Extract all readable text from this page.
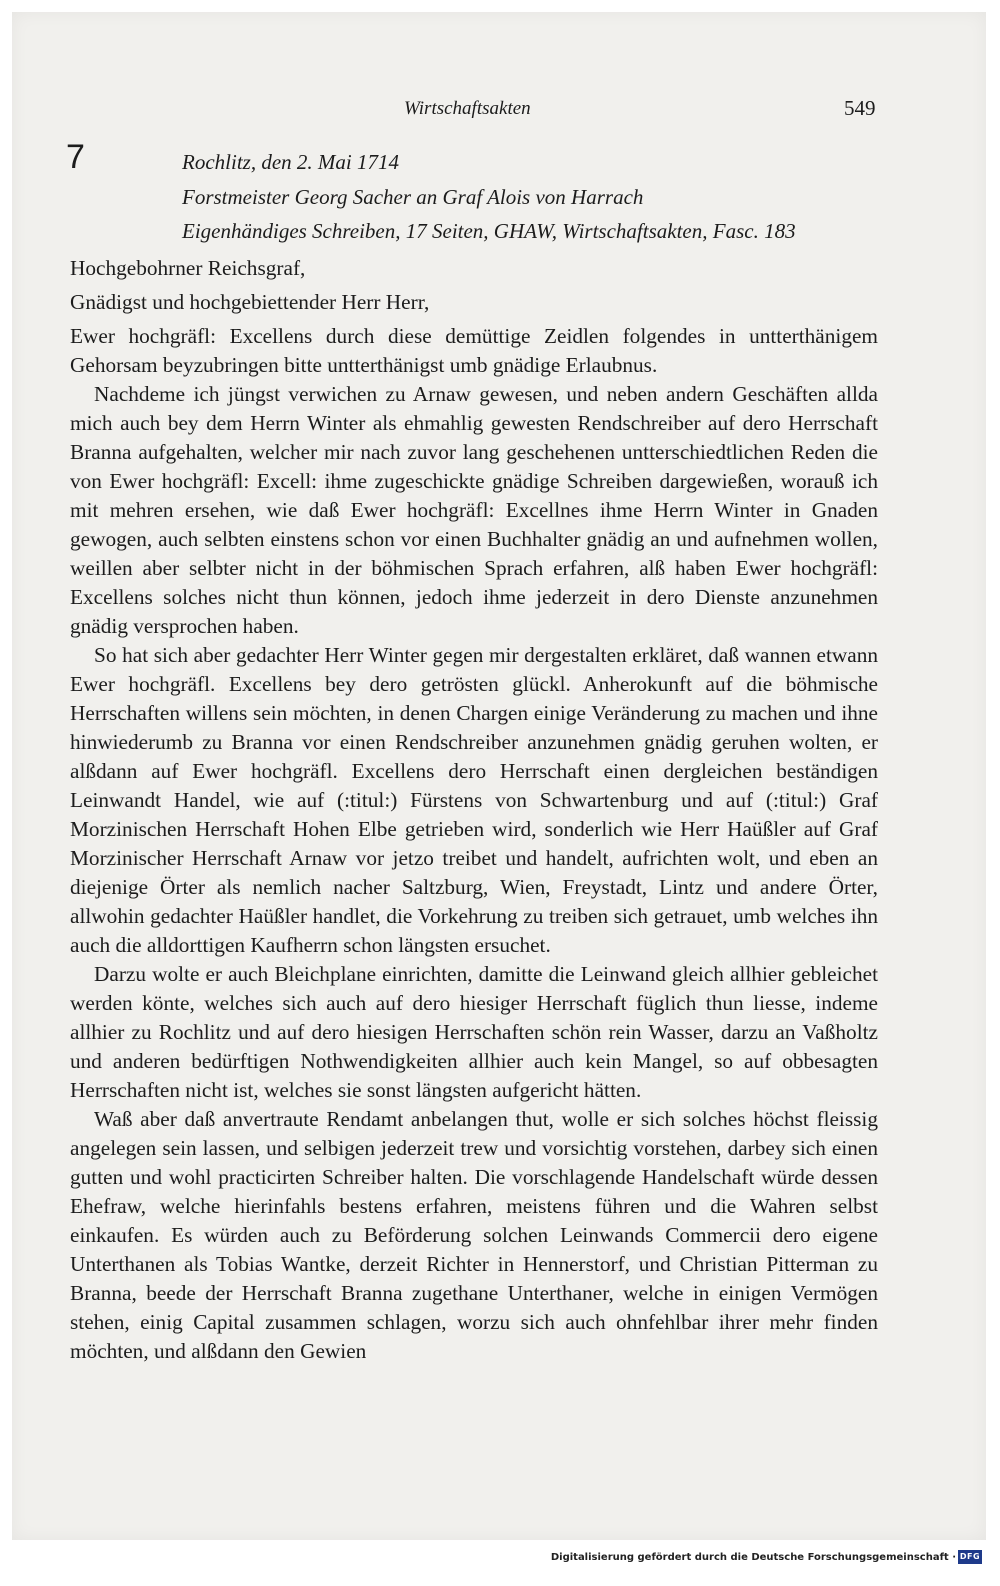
Wirtschaftsakten	549
7	Rochlitz, den 2. Mai 1714
Forstmeister Georg Sacher an Graf Alois von Harrach
Eigenhändiges Schreiben, 17 Seiten, GHAW, Wirtschaftsakten, Fasc. 183

Hochgebohrner Reichsgraf,

Gnädigst und hochgebiettender Herr Herr,

Ewer hochgräfl: Excellens durch diese demüttige Zeidlen folgendes in untterthänigem Gehorsam beyzubringen bitte untterthänigst umb gnädige Erlaubnus.

Nachdeme ich jüngst verwichen zu Arnaw gewesen, und neben andern Geschäften allda mich auch bey dem Herrn Winter als ehmahlig gewesten Rendschreiber auf dero Herrschaft Branna aufgehalten, welcher mir nach zuvor lang geschehenen untterschiedtlichen Reden die von Ewer hochgräfl: Excell: ihme zugeschickte gnädige Schreiben dargewießen, worauß ich mit mehren ersehen, wie daß Ewer hochgräfl: Excellnes ihme Herrn Winter in Gnaden gewogen, auch selbten einstens schon vor einen Buchhalter gnädig an und aufnehmen wollen, weillen aber selbter nicht in der böhmischen Sprach erfahren, alß haben Ewer hochgräfl: Excellens solches nicht thun können, jedoch ihme jederzeit in dero Dienste anzunehmen gnädig versprochen haben.

So hat sich aber gedachter Herr Winter gegen mir dergestalten erkläret, daß wannen etwann Ewer hochgräfl. Excellens bey dero getrösten glückl. Anherokunft auf die böhmische Herrschaften willens sein möchten, in denen Chargen einige Veränderung zu machen und ihne hinwiederumb zu Branna vor einen Rendschreiber anzunehmen gnädig geruhen wolten, er alßdann auf Ewer hochgräfl. Excellens dero Herrschaft einen dergleichen beständigen Leinwandt Handel, wie auf (:titul:) Fürstens von Schwartenburg und auf (:titul:) Graf Morzinischen Herrschaft Hohen Elbe getrieben wird, sonderlich wie Herr Haüßler auf Graf Morzinischer Herrschaft Arnaw vor jetzo treibet und handelt, aufrichten wolt, und eben an diejenige Örter als nemlich nacher Saltzburg, Wien, Freystadt, Lintz und andere Örter, allwohin gedachter Haüßler handlet, die Vorkehrung zu treiben sich getrauet, umb welches ihn auch die alldorttigen Kaufherrn schon längsten ersuchet.

Darzu wolte er auch Bleichplane einrichten, damitte die Leinwand gleich allhier gebleichet werden könte, welches sich auch auf dero hiesiger Herrschaft füglich thun liesse, indeme allhier zu Rochlitz und auf dero hiesigen Herrschaften schön rein Wasser, darzu an Vaßholtz und anderen bedürftigen Nothwendigkeiten allhier auch kein Mangel, so auf obbesagten Herrschaften nicht ist, welches sie sonst längsten aufgericht hätten.

Waß aber daß anvertraute Rendamt anbelangen thut, wolle er sich solches höchst fleissig angelegen sein lassen, und selbigen jederzeit trew und vorsichtig vorstehen, darbey sich einen gutten und wohl practicirten Schreiber halten. Die vorschlagende Handelschaft würde dessen Ehefraw, welche hierinfahls bestens erfahren, meistens führen und die Wahren selbst einkaufen. Es würden auch zu Beförderung solchen Leinwands Commercii dero eigene Unterthanen als Tobias Wantke, derzeit Richter in Hennerstorf, und Christian Pitterman zu Branna, beede der Herrschaft Branna zugethane Unterthaner, welche in einigen Vermögen stehen, einig Capital zusammen schlagen, worzu sich auch ohnfehlbar ihrer mehr finden möchten, und alßdann den Gewien

Digitalisierung gefördert durch die Deutsche Forschungsgemeinschaft · DFG
